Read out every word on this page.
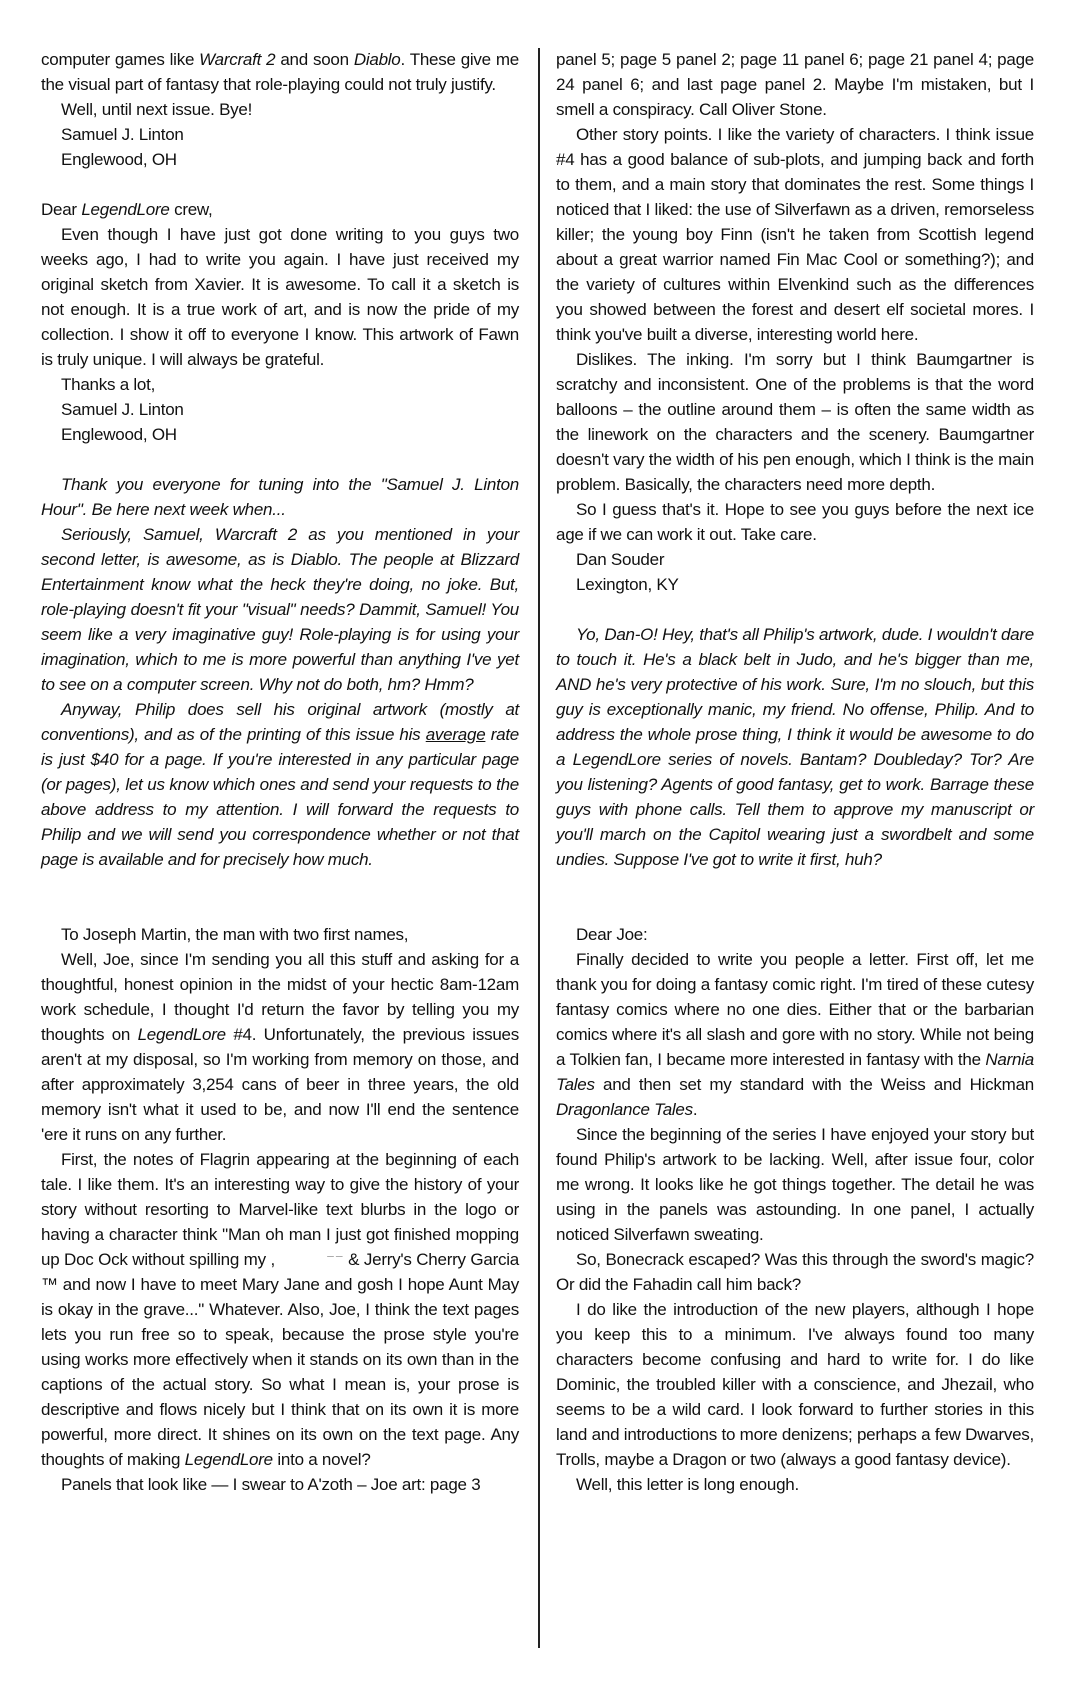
computer games like Warcraft 2 and soon Diablo. These give me the visual part of fantasy that role-playing could not truly justify.

Well, until next issue. Bye!

Samuel J. Linton

Englewood, OH

Dear LegendLore crew,

Even though I have just got done writing to you guys two weeks ago, I had to write you again. I have just received my original sketch from Xavier. It is awesome. To call it a sketch is not enough. It is a true work of art, and is now the pride of my collection. I show it off to everyone I know. This artwork of Fawn is truly unique. I will always be grateful.

Thanks a lot,

Samuel J. Linton

Englewood, OH

Thank you everyone for tuning into the "Samuel J. Linton Hour". Be here next week when...

Seriously, Samuel, Warcraft 2 as you mentioned in your second letter, is awesome, as is Diablo. The people at Blizzard Entertainment know what the heck they're doing, no joke. But, role-playing doesn't fit your "visual" needs? Dammit, Samuel! You seem like a very imaginative guy! Role-playing is for using your imagination, which to me is more powerful than anything I've yet to see on a computer screen. Why not do both, hm? Hmm?

Anyway, Philip does sell his original artwork (mostly at conventions), and as of the printing of this issue his average rate is just $40 for a page. If you're interested in any particular page (or pages), let us know which ones and send your requests to the above address to my attention. I will forward the requests to Philip and we will send you correspondence whether or not that page is available and for precisely how much.

To Joseph Martin, the man with two first names,

Well, Joe, since I'm sending you all this stuff and asking for a thoughtful, honest opinion in the midst of your hectic 8am-12am work schedule, I thought I'd return the favor by telling you my thoughts on LegendLore #4. Unfortunately, the previous issues aren't at my disposal, so I'm working from memory on those, and after approximately 3,254 cans of beer in three years, the old memory isn't what it used to be, and now I'll end the sentence 'ere it runs on any further.

First, the notes of Flagrin appearing at the beginning of each tale. I like them. It's an interesting way to give the history of your story without resorting to Marvel-like text blurbs in the logo or having a character think "Man oh man I just got finished mopping up Doc Ock without spilling my ,           ⁻⁻ & Jerry's Cherry Garcia ™ and now I have to meet Mary Jane and gosh I hope Aunt May is okay in the grave..." Whatever. Also, Joe, I think the text pages lets you run free so to speak, because the prose style you're using works more effectively when it stands on its own than in the captions of the actual story. So what I mean is, your prose is descriptive and flows nicely but I think that on its own it is more powerful, more direct. It shines on its own on the text page. Any thoughts of making LegendLore into a novel?

Panels that look like — I swear to A'zoth – Joe art: page 3

panel 5; page 5 panel 2; page 11 panel 6; page 21 panel 4; page 24 panel 6; and last page panel 2. Maybe I'm mistaken, but I smell a conspiracy. Call Oliver Stone.

Other story points. I like the variety of characters. I think issue #4 has a good balance of sub-plots, and jumping back and forth to them, and a main story that dominates the rest. Some things I noticed that I liked: the use of Silverfawn as a driven, remorseless killer; the young boy Finn (isn't he taken from Scottish legend about a great warrior named Fin Mac Cool or something?); and the variety of cultures within Elvenkind such as the differences you showed between the forest and desert elf societal mores. I think you've built a diverse, interesting world here.

Dislikes. The inking. I'm sorry but I think Baumgartner is scratchy and inconsistent. One of the problems is that the word balloons – the outline around them – is often the same width as the linework on the characters and the scenery. Baumgartner doesn't vary the width of his pen enough, which I think is the main problem. Basically, the characters need more depth.

So I guess that's it. Hope to see you guys before the next ice age if we can work it out. Take care.

Dan Souder

Lexington, KY

Yo, Dan-O! Hey, that's all Philip's artwork, dude. I wouldn't dare to touch it. He's a black belt in Judo, and he's bigger than me, AND he's very protective of his work. Sure, I'm no slouch, but this guy is exceptionally manic, my friend. No offense, Philip. And to address the whole prose thing, I think it would be awesome to do a LegendLore series of novels. Bantam? Doubleday? Tor? Are you listening? Agents of good fantasy, get to work. Barrage these guys with phone calls. Tell them to approve my manuscript or you'll march on the Capitol wearing just a swordbelt and some undies. Suppose I've got to write it first, huh?

Dear Joe:

Finally decided to write you people a letter. First off, let me thank you for doing a fantasy comic right. I'm tired of these cutesy fantasy comics where no one dies. Either that or the barbarian comics where it's all slash and gore with no story. While not being a Tolkien fan, I became more interested in fantasy with the Narnia Tales and then set my standard with the Weiss and Hickman Dragonlance Tales.

Since the beginning of the series I have enjoyed your story but found Philip's artwork to be lacking. Well, after issue four, color me wrong. It looks like he got things together. The detail he was using in the panels was astounding. In one panel, I actually noticed Silverfawn sweating.

So, Bonecrack escaped? Was this through the sword's magic? Or did the Fahadin call him back?

I do like the introduction of the new players, although I hope you keep this to a minimum. I've always found too many characters become confusing and hard to write for. I do like Dominic, the troubled killer with a conscience, and Jhezail, who seems to be a wild card. I look forward to further stories in this land and introductions to more denizens; perhaps a few Dwarves, Trolls, maybe a Dragon or two (always a good fantasy device).

Well, this letter is long enough.
